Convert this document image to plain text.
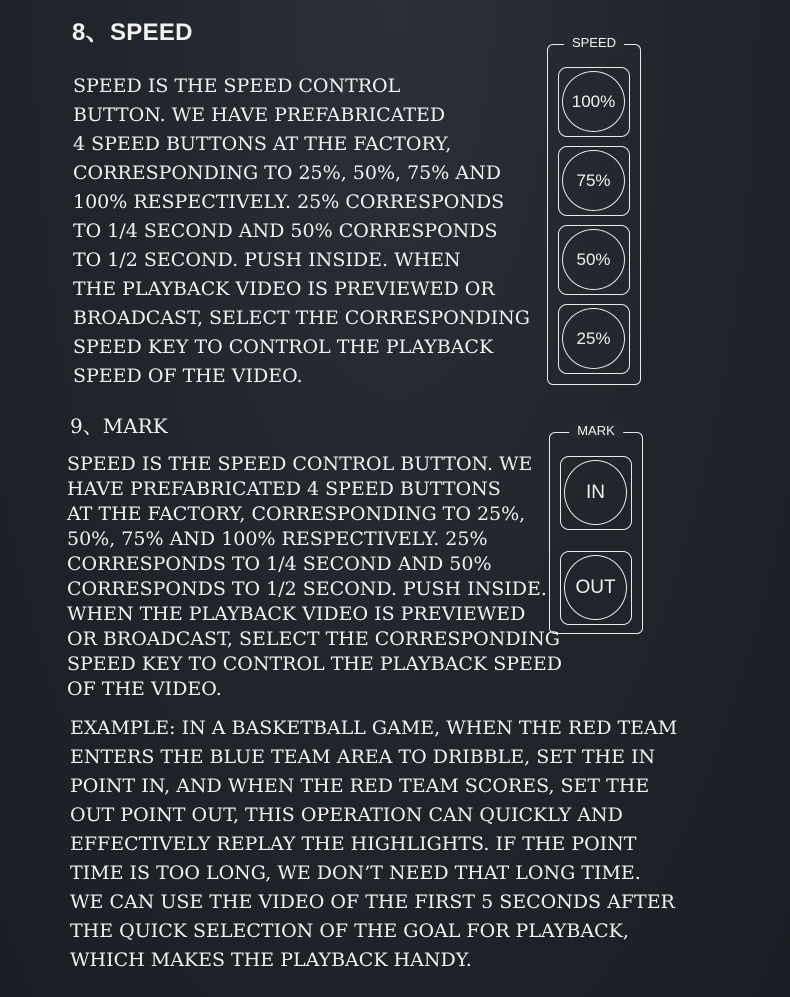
8、SPEED
SPEED IS THE SPEED CONTROL
BUTTON. WE HAVE PREFABRICATED
4 SPEED BUTTONS AT THE FACTORY,
CORRESPONDING TO 25%, 50%, 75% AND
100% RESPECTIVELY. 25% CORRESPONDS
TO 1/4 SECOND AND 50% CORRESPONDS
TO 1/2 SECOND. PUSH INSIDE. WHEN
THE PLAYBACK VIDEO IS PREVIEWED OR
BROADCAST, SELECT THE CORRESPONDING
SPEED KEY TO CONTROL THE PLAYBACK
SPEED OF THE VIDEO.
SPEED
100%
75%
50%
25%
9、MARK
SPEED IS THE SPEED CONTROL BUTTON. WE
HAVE PREFABRICATED 4 SPEED BUTTONS
AT THE FACTORY, CORRESPONDING TO 25%,
50%, 75% AND 100% RESPECTIVELY. 25%
CORRESPONDS TO 1/4 SECOND AND 50%
CORRESPONDS TO 1/2 SECOND. PUSH INSIDE.
WHEN THE PLAYBACK VIDEO IS PREVIEWED
OR BROADCAST, SELECT THE CORRESPONDING
SPEED KEY TO CONTROL THE PLAYBACK SPEED
OF THE VIDEO.
MARK
IN
OUT
EXAMPLE: IN A BASKETBALL GAME, WHEN THE RED TEAM
ENTERS THE BLUE TEAM AREA TO DRIBBLE, SET THE IN
POINT IN, AND WHEN THE RED TEAM SCORES, SET THE
OUT POINT OUT, THIS OPERATION CAN QUICKLY AND
EFFECTIVELY REPLAY THE HIGHLIGHTS. IF THE POINT
TIME IS TOO LONG, WE DON’T NEED THAT LONG TIME.
WE CAN USE THE VIDEO OF THE FIRST 5 SECONDS AFTER
THE QUICK SELECTION OF THE GOAL FOR PLAYBACK,
WHICH MAKES THE PLAYBACK HANDY.
